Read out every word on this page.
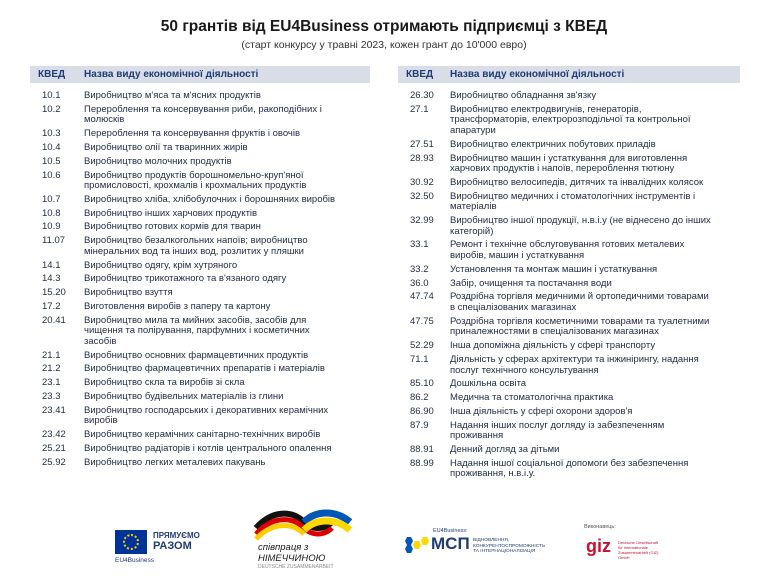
50 грантів від EU4Business отримають підприємці з КВЕД
(старт конкурсу у травні 2023, кожен грант до 10'000 евро)
КВЕД	Назва виду економічної діяльності
10.1	Виробництво м'яса та м'ясних продуктів
10.2	Перероблення та консервування риби, ракоподібних і
молюсків
10.3	Перероблення та консервування фруктів і овочів
10.4	Виробництво олії та тваринних жирів
10.5	Виробництво молочних продуктів
10.6	Виробництво продуктів борошномельно-круп'яної
промисловості, крохмалів і крохмальних продуктів
10.7	Виробництво хліба, хлібобулочних і борошняних виробів
10.8	Виробництво інших харчових продуктів
10.9	Виробництво готових кормів для тварин
11.07	Виробництво безалкогольних напоїв; виробництво
мінеральних вод та інших вод, розлитих у пляшки
14.1	Виробництво одягу, крім хутряного
14.3	Виробництво трикотажного та в'язаного одягу
15.20	Виробництво взуття
17.2	Виготовлення виробів з паперу та картону
20.41	Виробництво мила та мийних засобів, засобів для
чищення та полірування, парфумних і косметичних
засобів
21.1	Виробництво основних фармацевтичних продуктів
21.2	Виробництво фармацевтичних препаратів і матеріалів
23.1	Виробництво скла та виробів зі скла
23.3	Виробництво будівельних матеріалів із глини
23.41	Виробництво господарських і декоративних керамічних
виробів
23.42	Виробництво керамічних санітарно-технічних виробів
25.21	Виробництво радіаторів і котлів центрального опалення
25.92	Виробництво легких металевих пакувань
КВЕД	Назва виду економічної діяльності
26.30	Виробництво обладнання зв'язку
27.1	Виробництво електродвигунів, генераторів,
трансформаторів, електророзподільчої та контрольної
апаратури
27.51	Виробництво електричних побутових приладів
28.93	Виробництво машин і устаткування для виготовлення
харчових продуктів і напоїв, перероблення тютюну
30.92	Виробництво велосипедів, дитячих та інвалідних колясок
32.50	Виробництво медичних і стоматологічних інструментів і
матеріалів
32.99	Виробництво іншої продукції, н.в.і.у (не віднесено до інших
категорій)
33.1	Ремонт і технічне обслуговування готових металевих
виробів, машин і устаткування
33.2	Установлення та монтаж машин і устаткування
36.0	Забір, очищення та постачання води
47.74	Роздрібна торгівля медичними й ортопедичними товарами
в спеціалізованих магазинах
47.75	Роздрібна торгівля косметичними товарами та туалетними
приналежностями в спеціалізованих магазинах
52.29	Інша допоміжна діяльність у сфері транспорту
71.1	Діяльність у сферах архітектури та інжинірингу, надання
послуг технічного консультування
85.10	Дошкільна освіта
86.2	Медична та стоматологічна практика
86.90	Інша діяльність у сфері охорони здоров'я
87.9	Надання інших послуг догляду із забезпеченням
проживання
88.91	Денний догляд за дітьми
88.99	Надання іншої соціальної допомоги без забезпечення
проживання, н.в.і.у.
ПРЯМУЄМО
РАЗОМ
EU4Business
співпраця з
НІМЕЧЧИНОЮ
DEUTSCHE ZUSAMMENARBEIT
EU4Business:
МСП ВІДНОВЛЕННЯ,
КОНКУРЕНТОСПРОМОЖНІСТЬ
ТА ІНТЕРНАЦІОНАЛІЗАЦІЯ
Виконавець:
giz Deutsche Gesellschaft
für Internationale
Zusammenarbeit (GIZ) GmbH
